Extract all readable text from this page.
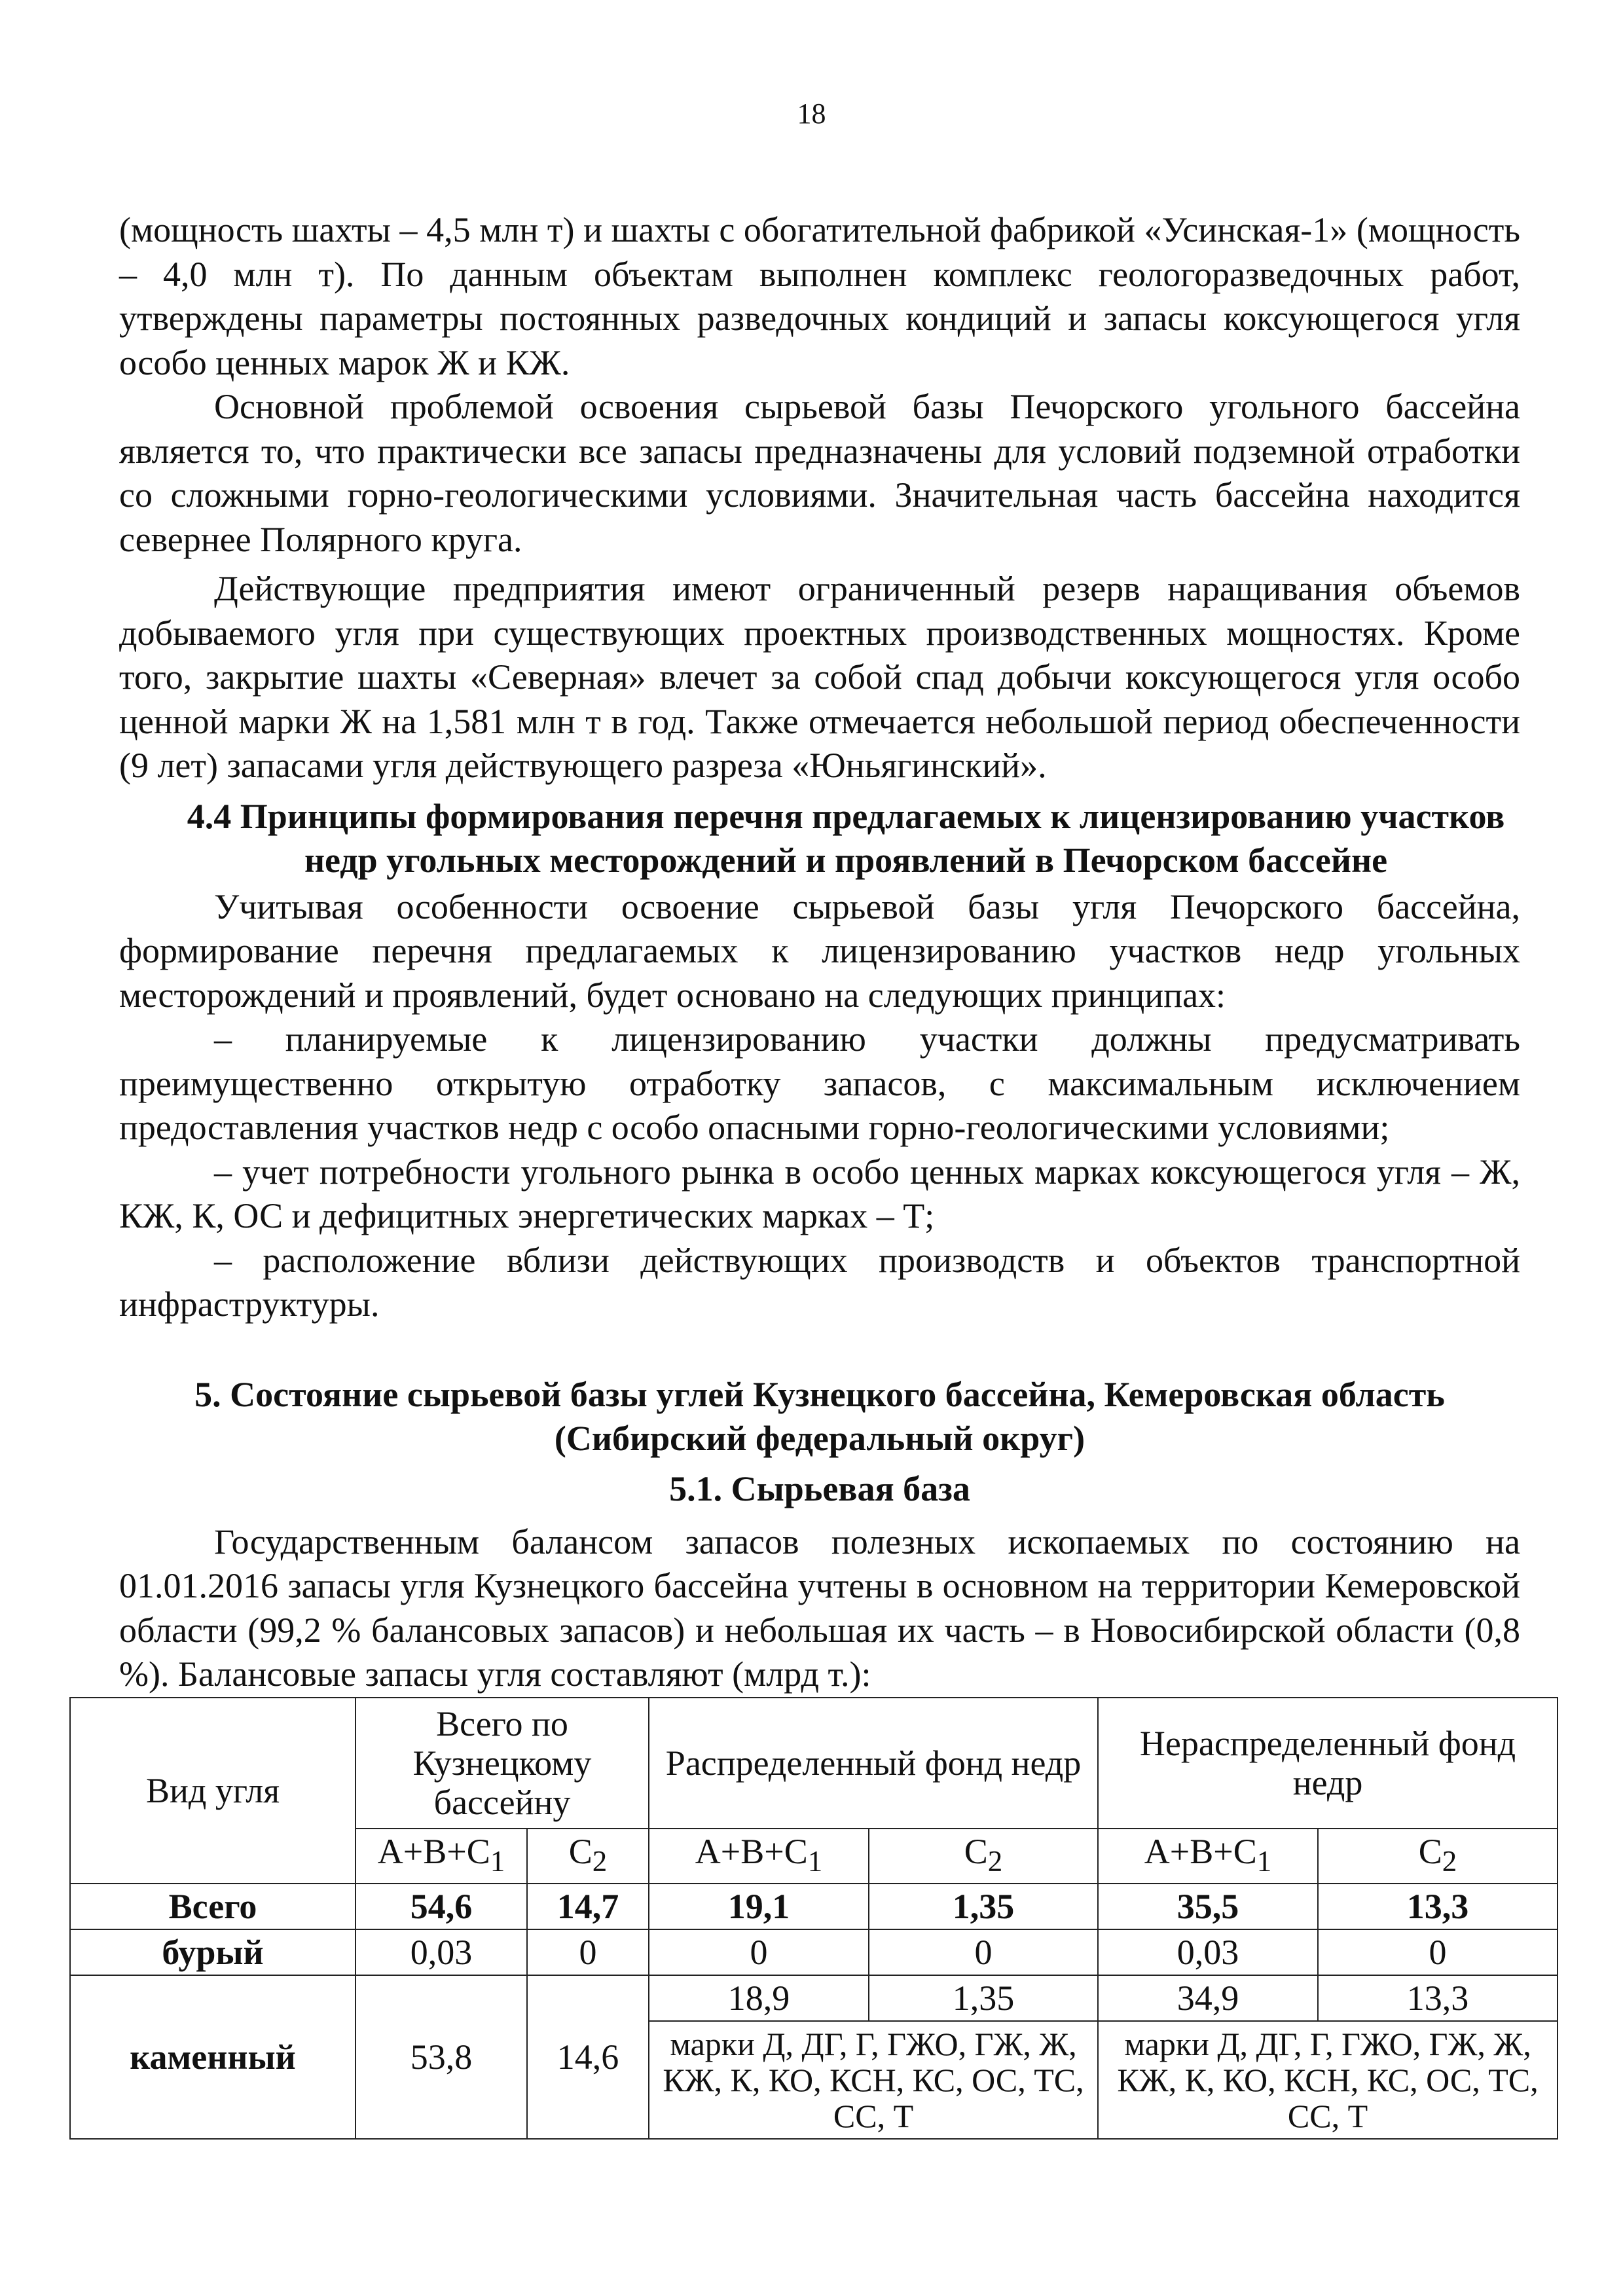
18

(мощность шахты – 4,5 млн т) и шахты с обогатительной фабрикой «Усинская-1» (мощность – 4,0 млн т). По данным объектам выполнен комплекс геологоразведочных работ, утверждены параметры постоянных разведочных кондиций и запасы коксующегося угля особо ценных марок Ж и КЖ.

Основной проблемой освоения сырьевой базы Печорского угольного бассейна является то, что практически все запасы предназначены для условий подземной отработки со сложными горно-геологическими условиями. Значительная часть бассейна находится севернее Полярного круга.

Действующие предприятия имеют ограниченный резерв наращивания объемов добываемого угля при существующих проектных производственных мощностях. Кроме того, закрытие шахты «Северная» влечет за собой спад добычи коксующегося угля особо ценной марки Ж на 1,581 млн т в год. Также отмечается небольшой период обеспеченности (9 лет) запасами угля действующего разреза «Юньягинский».

4.4 Принципы формирования перечня предлагаемых к лицензированию участков недр угольных месторождений и проявлений в Печорском бассейне

Учитывая особенности освоение сырьевой базы угля Печорского бассейна, формирование перечня предлагаемых к лицензированию участков недр угольных месторождений и проявлений, будет основано на следующих принципах:

– планируемые к лицензированию участки должны предусматривать преимущественно открытую отработку запасов, с максимальным исключением предоставления участков недр с особо опасными горно-геологическими условиями;

– учет потребности угольного рынка в особо ценных марках коксующегося угля – Ж, КЖ, К, ОС и дефицитных энергетических марках – Т;

– расположение вблизи действующих производств и объектов транспортной инфраструктуры.

5. Состояние сырьевой базы углей Кузнецкого бассейна, Кемеровская область
(Сибирский федеральный округ)
5.1. Сырьевая база

Государственным балансом запасов полезных ископаемых по состоянию на 01.01.2016 запасы угля Кузнецкого бассейна учтены в основном на территории Кемеровской области (99,2 % балансовых запасов) и небольшая их часть – в Новосибирской области (0,8 %). Балансовые запасы угля составляют (млрд т.):

Вид угля	Всего по Кузнецкому бассейну		Распределенный фонд недр		Нераспределенный фонд недр	
	$А+В+С_1$	$С_2$	$А+В+С_1$	$С_2$	$А+В+С_1$	$С_2$
Всего	54,6	14,7	19,1	1,35	35,5	13,3
бурый	0,03	0	0	0	0,03	0
каменный	53,8	14,6	18,9	1,35	34,9	13,3
			марки Д, ДГ, Г, ГЖО, ГЖ, Ж, КЖ, К, КО, КСН, КС, ОС, ТС, СС, Т		марки Д, ДГ, Г, ГЖО, ГЖ, Ж, КЖ, К, КО, КСН, КС, ОС, ТС, СС, Т	
